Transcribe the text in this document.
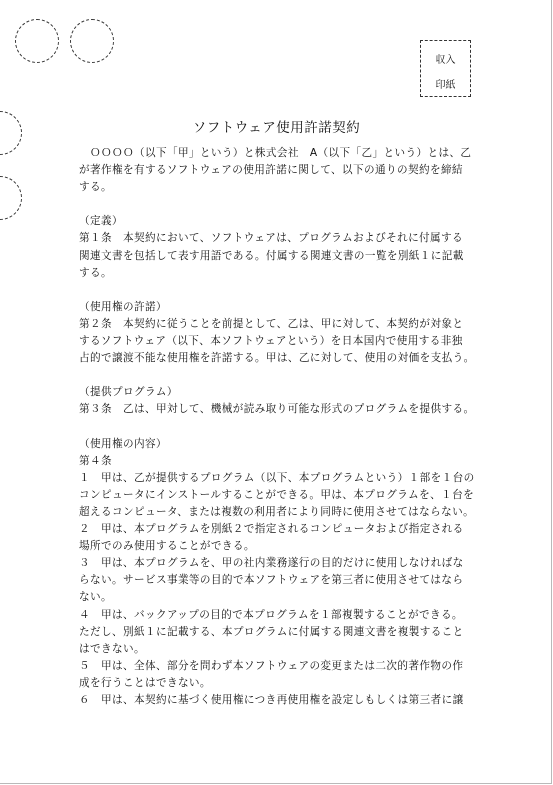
収入
印紙
ソフトウェア使用許諾契約
　ＯＯＯＯ（以下「甲」という）と株式会社　A（以下「乙」という）とは、乙
が著作権を有するソフトウェアの使用許諾に関して、以下の通りの契約を締結
する。
（定義）
第１条　本契約において、ソフトウェアは、プログラムおよびそれに付属する
関連文書を包括して表す用語である。付属する関連文書の一覧を別紙１に記載
する。
（使用権の許諾）
第２条　本契約に従うことを前提として、乙は、甲に対して、本契約が対象と
するソフトウェア（以下、本ソフトウェアという）を日本国内で使用する非独
占的で譲渡不能な使用権を許諾する。甲は、乙に対して、使用の対価を支払う。
（提供プログラム）
第３条　乙は、甲対して、機械が読み取り可能な形式のプログラムを提供する。
（使用権の内容）
第４条
１　甲は、乙が提供するプログラム（以下、本プログラムという）１部を１台の
コンピュータにインストールすることができる。甲は、本プログラムを、１台を
超えるコンピュータ、または複数の利用者により同時に使用させてはならない。
２　甲は、本プログラムを別紙２で指定されるコンピュータおよび指定される
場所でのみ使用することができる。
３　甲は、本プログラムを、甲の社内業務遂行の目的だけに使用しなければな
らない。サービス事業等の目的で本ソフトウェアを第三者に使用させてはなら
ない。
４　甲は、バックアップの目的で本プログラムを１部複製することができる。
ただし、別紙１に記載する、本プログラムに付属する関連文書を複製すること
はできない。
５　甲は、全体、部分を問わず本ソフトウェアの変更または二次的著作物の作
成を行うことはできない。
６　甲は、本契約に基づく使用権につき再使用権を設定しもしくは第三者に譲
